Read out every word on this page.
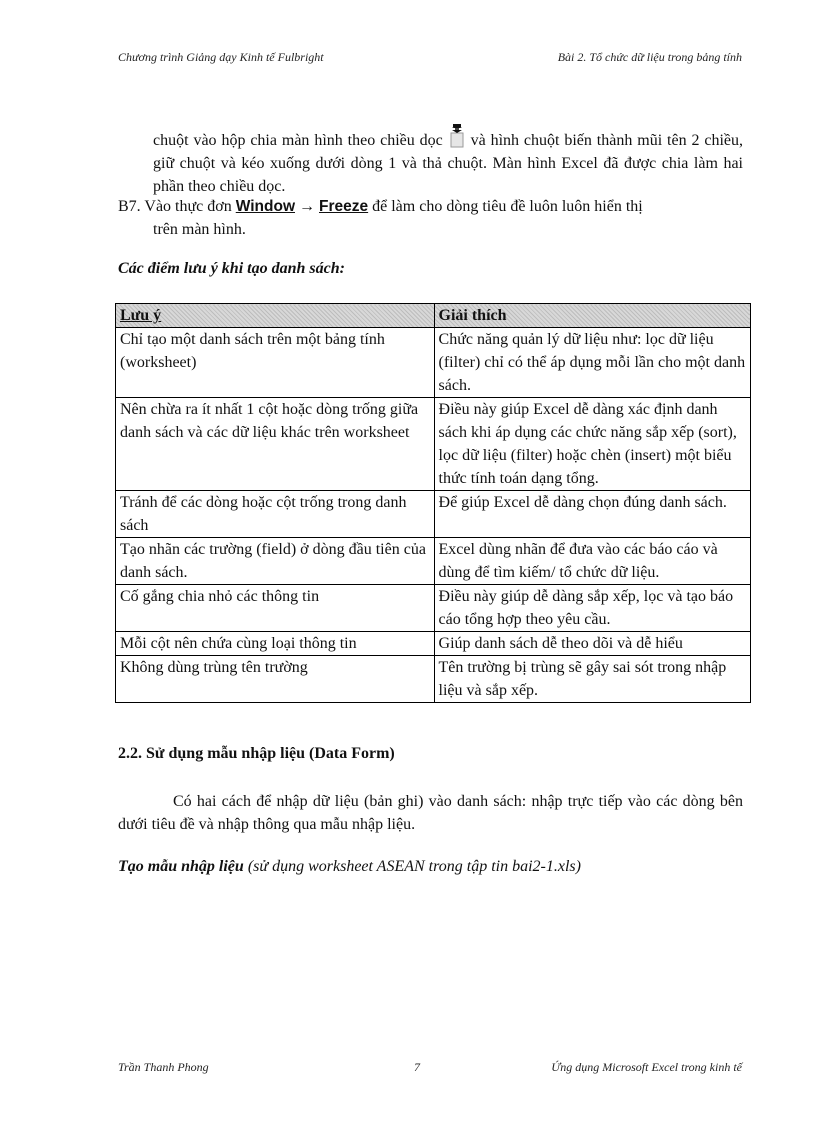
Chương trình Giảng dạy Kinh tế Fulbright	Bài 2. Tổ chức dữ liệu trong bảng tính
chuột vào hộp chia màn hình theo chiều dọc và hình chuột biến thành mũi tên 2 chiều, giữ chuột và kéo xuống dưới dòng 1 và thả chuột. Màn hình Excel đã được chia làm hai phần theo chiều dọc.
B7. Vào thực đơn Window → Freeze để làm cho dòng tiêu đề luôn luôn hiển thị
trên màn hình.
Các điểm lưu ý khi tạo danh sách:
Lưu ý	Giải thích
Chỉ tạo một danh sách trên một bảng tính (worksheet)	Chức năng quản lý dữ liệu như: lọc dữ liệu (filter) chỉ có thể áp dụng mỗi lần cho một danh sách.
Nên chừa ra ít nhất 1 cột hoặc dòng trống giữa danh sách và các dữ liệu khác trên worksheet	Điều này giúp Excel dễ dàng xác định danh sách khi áp dụng các chức năng sắp xếp (sort), lọc dữ liệu (filter) hoặc chèn (insert) một biểu thức tính toán dạng tổng.
Tránh để các dòng hoặc cột trống trong danh sách	Để giúp Excel dễ dàng chọn đúng danh sách.
Tạo nhãn các trường (field) ở dòng đầu tiên của danh sách.	Excel dùng nhãn để đưa vào các báo cáo và dùng để tìm kiếm/ tổ chức dữ liệu.
Cố gắng chia nhỏ các thông tin	Điều này giúp dễ dàng sắp xếp, lọc và tạo báo cáo tổng hợp theo yêu cầu.
Mỗi cột nên chứa cùng loại thông tin	Giúp danh sách dễ theo dõi và dễ hiểu
Không dùng trùng tên trường	Tên trường bị trùng sẽ gây sai sót trong nhập liệu và sắp xếp.
2.2. Sử dụng mẫu nhập liệu (Data Form)
Có hai cách để nhập dữ liệu (bản ghi) vào danh sách: nhập trực tiếp vào các dòng bên dưới tiêu đề và nhập thông qua mẫu nhập liệu.
Tạo mẫu nhập liệu (sử dụng worksheet ASEAN trong tập tin bai2-1.xls)
Trần Thanh Phong	7	Ứng dụng Microsoft Excel trong kinh tế
